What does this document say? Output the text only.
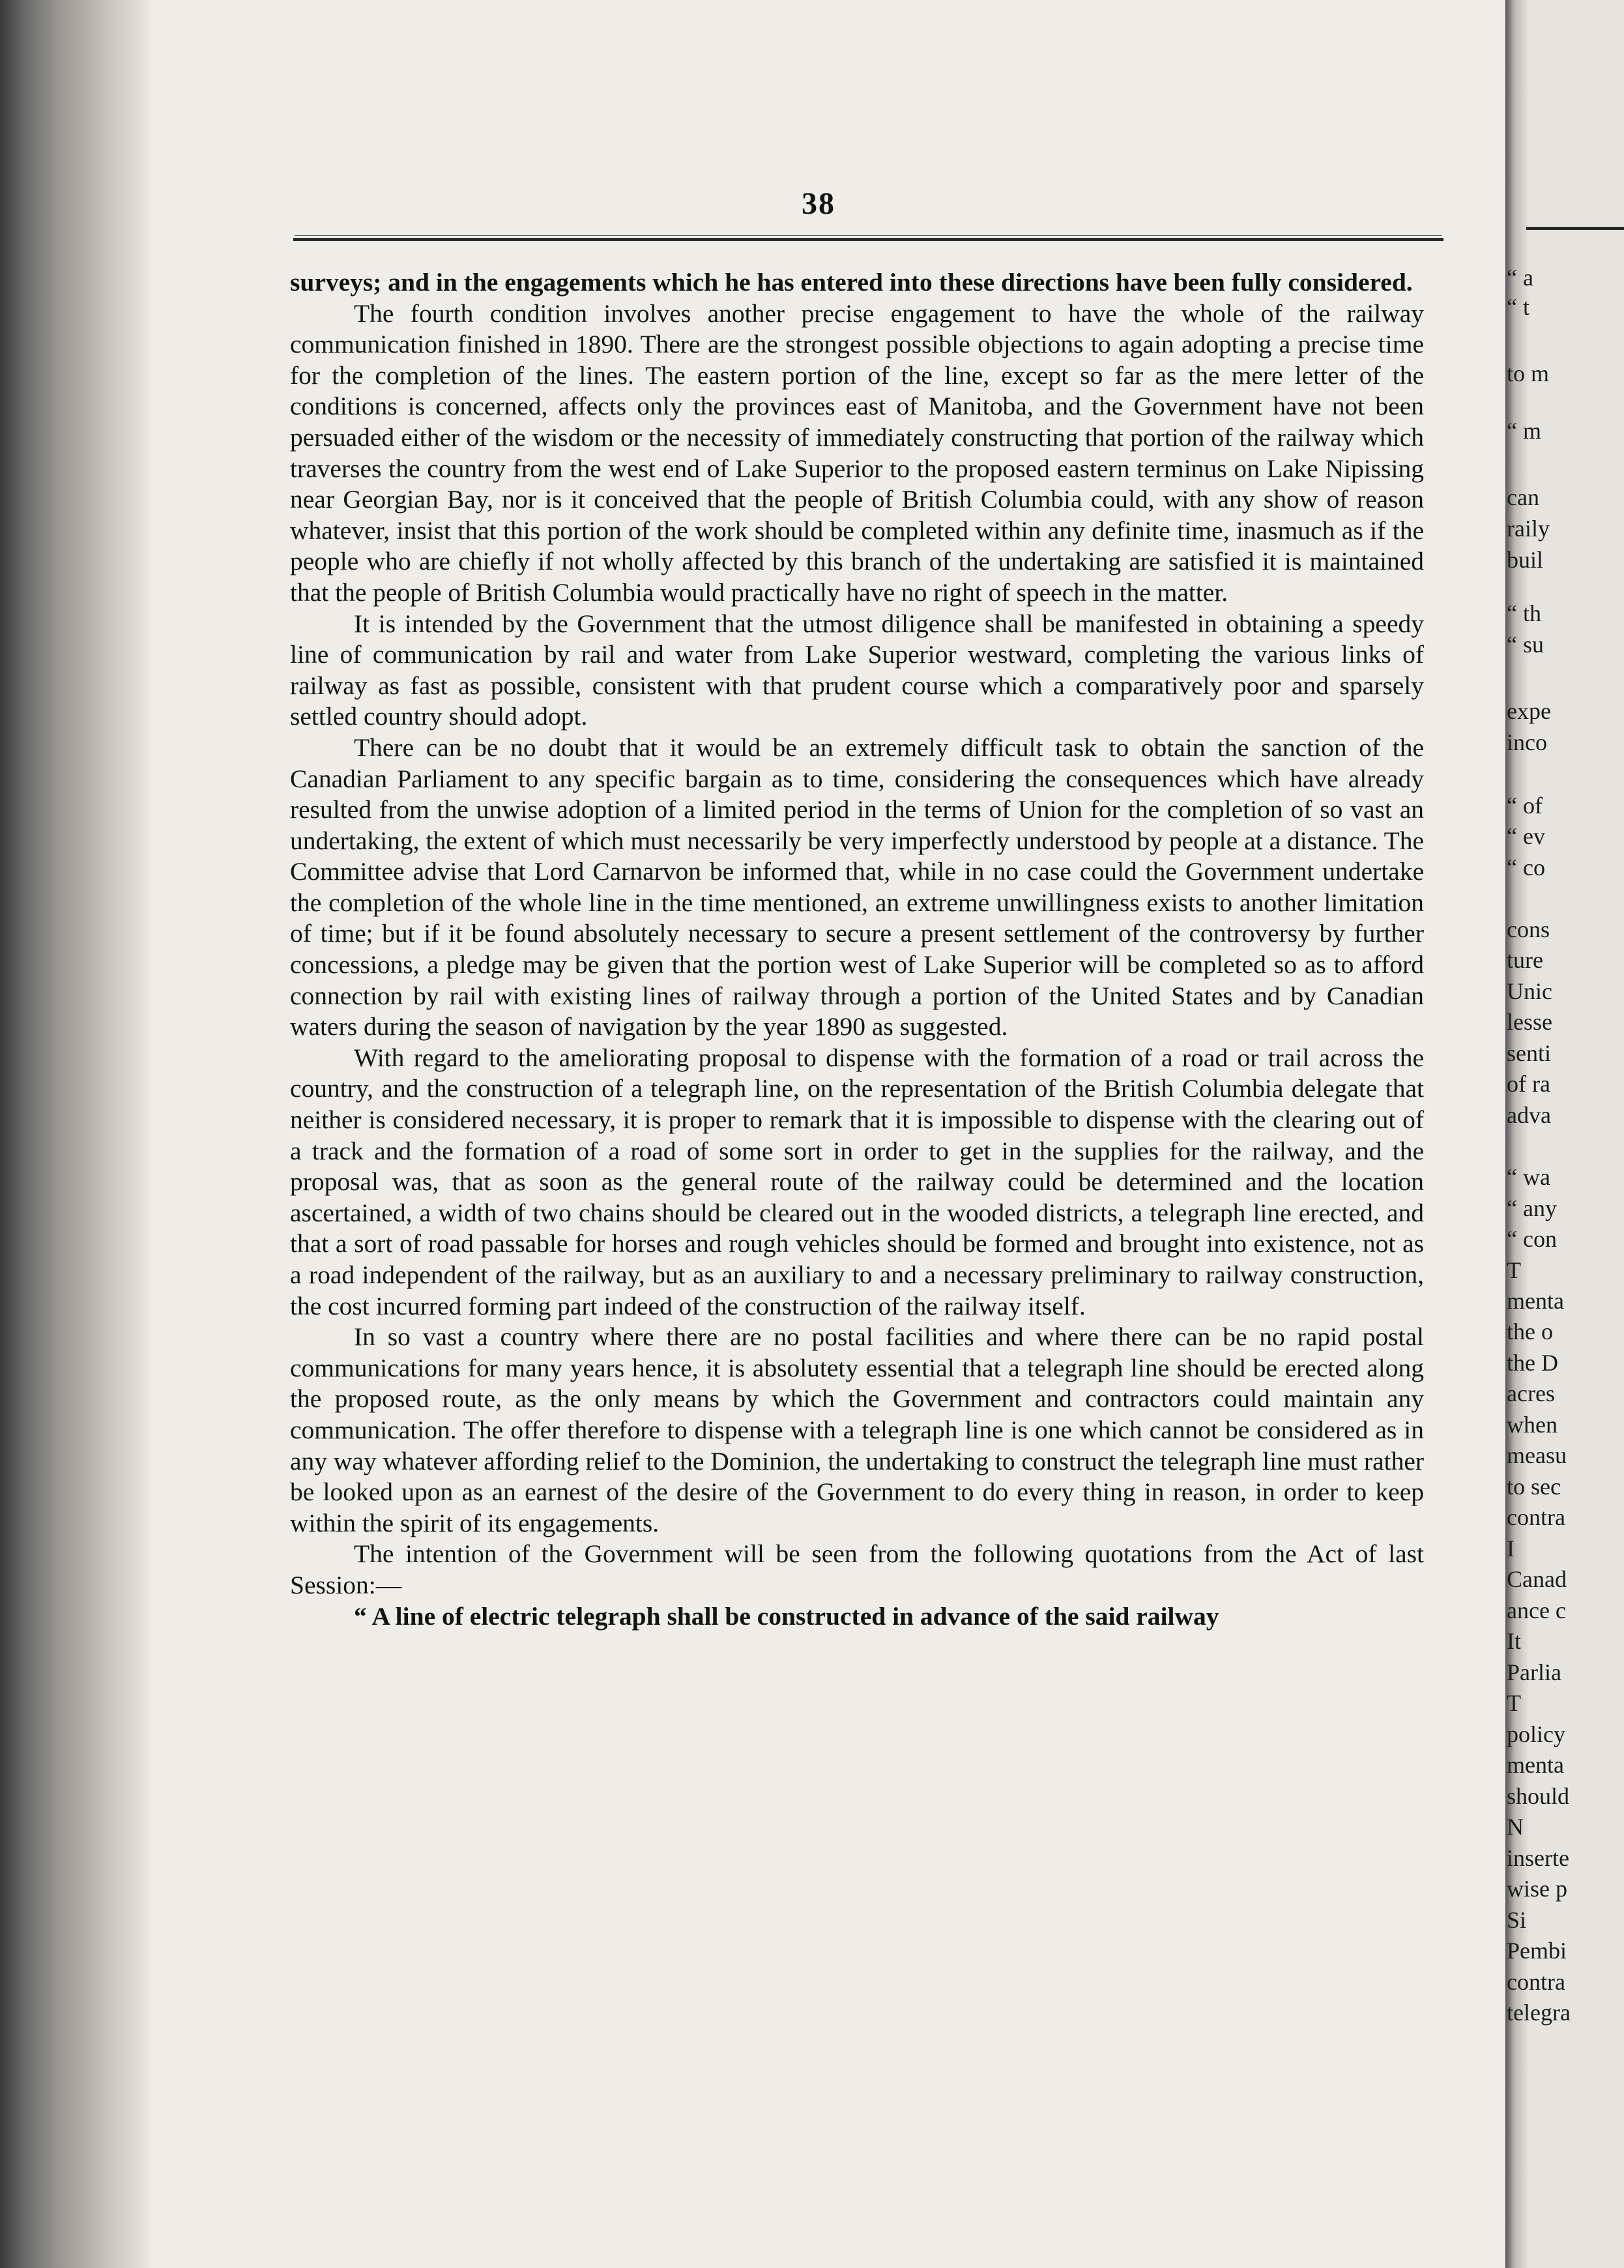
38

surveys; and in the engagements which he has entered into these directions have been fully considered.

The fourth condition involves another precise engagement to have the whole of the railway communication finished in 1890. There are the strongest possible objections to again adopting a precise time for the completion of the lines. The eastern portion of the line, except so far as the mere letter of the conditions is concerned, affects only the provinces east of Manitoba, and the Government have not been persuaded either of the wisdom or the necessity of immediately constructing that portion of the railway which traverses the country from the west end of Lake Superior to the proposed eastern terminus on Lake Nipissing near Georgian Bay, nor is it conceived that the people of British Columbia could, with any show of reason whatever, insist that this portion of the work should be completed within any definite time, inasmuch as if the people who are chiefly if not wholly affected by this branch of the undertaking are satisfied it is maintained that the people of British Columbia would practically have no right of speech in the matter.

It is intended by the Government that the utmost diligence shall be manifested in obtaining a speedy line of communication by rail and water from Lake Superior westward, completing the various links of railway as fast as possible, consistent with that prudent course which a comparatively poor and sparsely settled country should adopt.

There can be no doubt that it would be an extremely difficult task to obtain the sanction of the Canadian Parliament to any specific bargain as to time, considering the consequences which have already resulted from the unwise adoption of a limited period in the terms of Union for the completion of so vast an undertaking, the extent of which must necessarily be very imperfectly understood by people at a distance. The Committee advise that Lord Carnarvon be informed that, while in no case could the Government undertake the completion of the whole line in the time mentioned, an extreme unwillingness exists to another limitation of time; but if it be found absolutely necessary to secure a present settlement of the controversy by further concessions, a pledge may be given that the portion west of Lake Superior will be completed so as to afford connection by rail with existing lines of railway through a portion of the United States and by Canadian waters during the season of navigation by the year 1890 as suggested.

With regard to the ameliorating proposal to dispense with the formation of a road or trail across the country, and the construction of a telegraph line, on the representation of the British Columbia delegate that neither is considered necessary, it is proper to remark that it is impossible to dispense with the clearing out of a track and the formation of a road of some sort in order to get in the supplies for the railway, and the proposal was, that as soon as the general route of the railway could be determined and the location ascertained, a width of two chains should be cleared out in the wooded districts, a telegraph line erected, and that a sort of road passable for horses and rough vehicles should be formed and brought into existence, not as a road independent of the railway, but as an auxiliary to and a necessary preliminary to railway construction, the cost incurred forming part indeed of the construction of the railway itself.

In so vast a country where there are no postal facilities and where there can be no rapid postal communications for many years hence, it is absolutety essential that a telegraph line should be erected along the proposed route, as the only means by which the Government and contractors could maintain any communication. The offer therefore to dispense with a telegraph line is one which cannot be considered as in any way whatever affording relief to the Dominion, the undertaking to construct the telegraph line must rather be looked upon as an earnest of the desire of the Government to do every thing in reason, in order to keep within the spirit of its engagements.

The intention of the Government will be seen from the following quotations from the Act of last Session:—

“ A line of electric telegraph shall be constructed in advance of the said railway

“ a
“ t
to m
“ m
can
raily
buil
“ th
“ su
expe
inco
“ of
“ ev
“ co
cons
ture
Unic
lesse
senti
of ra
adva
“ wa
“ any
“ con
T
menta
the o
the D
acres
when
measu
to sec
contra
I
Canad
ance c
It
Parlia
T
policy
menta
should
N
inserte
wise p
Si
Pembi
contra
telegra
